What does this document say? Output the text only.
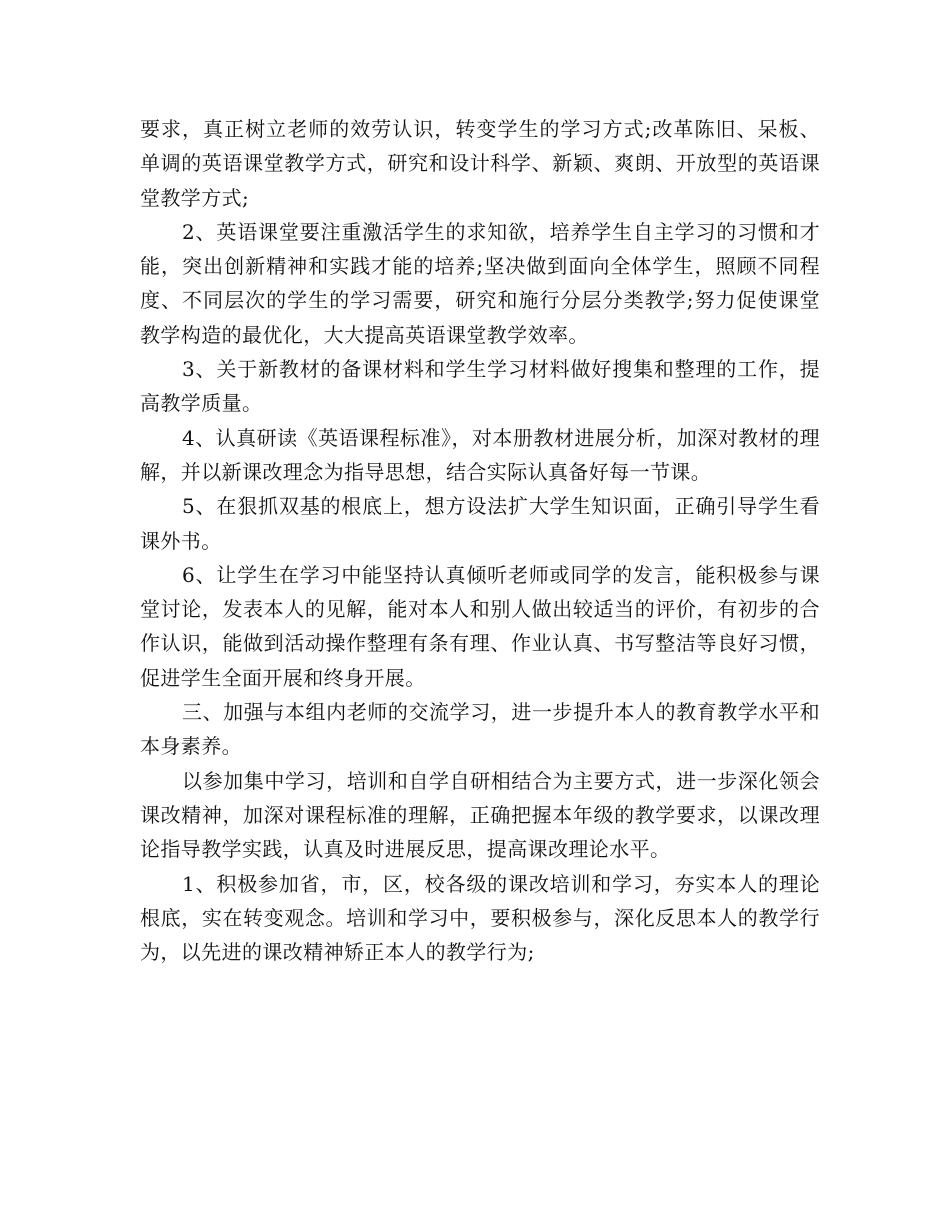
要求，真正树立老师的效劳认识，转变学生的学习方式;改革陈旧、呆板、单调的英语课堂教学方式，研究和设计科学、新颖、爽朗、开放型的英语课堂教学方式;

2、英语课堂要注重激活学生的求知欲，培养学生自主学习的习惯和才能，突出创新精神和实践才能的培养;坚决做到面向全体学生，照顾不同程度、不同层次的学生的学习需要，研究和施行分层分类教学;努力促使课堂教学构造的最优化，大大提高英语课堂教学效率。

3、关于新教材的备课材料和学生学习材料做好搜集和整理的工作，提高教学质量。

4、认真研读《英语课程标准》，对本册教材进展分析，加深对教材的理解，并以新课改理念为指导思想，结合实际认真备好每一节课。

5、在狠抓双基的根底上，想方设法扩大学生知识面，正确引导学生看课外书。

6、让学生在学习中能坚持认真倾听老师或同学的发言，能积极参与课堂讨论，发表本人的见解，能对本人和别人做出较适当的评价，有初步的合作认识，能做到活动操作整理有条有理、作业认真、书写整洁等良好习惯，促进学生全面开展和终身开展。

三、加强与本组内老师的交流学习，进一步提升本人的教育教学水平和本身素养。

以参加集中学习，培训和自学自研相结合为主要方式，进一步深化领会课改精神，加深对课程标准的理解，正确把握本年级的教学要求，以课改理论指导教学实践，认真及时进展反思，提高课改理论水平。

1、积极参加省，市，区，校各级的课改培训和学习，夯实本人的理论根底，实在转变观念。培训和学习中，要积极参与，深化反思本人的教学行为，以先进的课改精神矫正本人的教学行为;
